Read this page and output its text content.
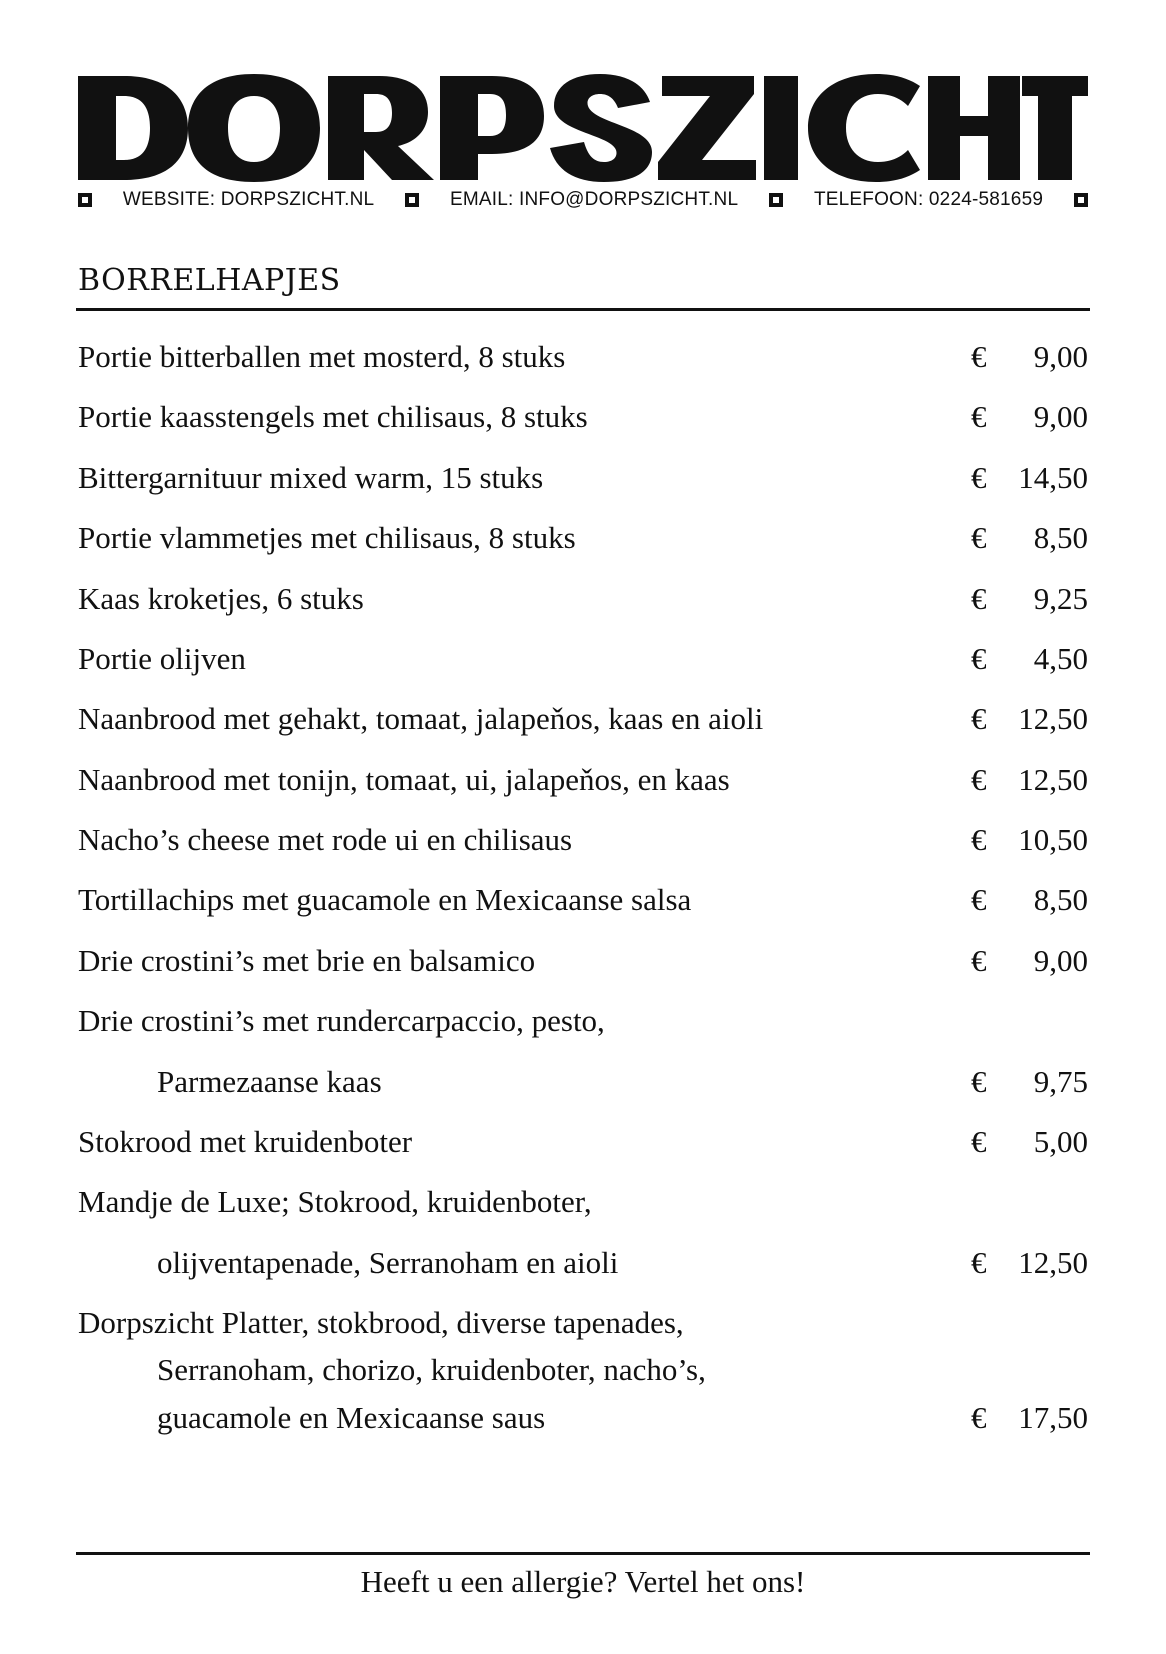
WEBSITE: DORPSZICHT.NL	EMAIL: INFO@DORPSZICHT.NL	TELEFOON: 0224-581659
BORRELHAPJES
Portie bitterballen met mosterd, 8 stuks	€ 9,00
Portie kaasstengels met chilisaus, 8 stuks	€ 9,00
Bittergarnituur mixed warm, 15 stuks	€ 14,50
Portie vlammetjes met chilisaus, 8 stuks	€ 8,50
Kaas kroketjes, 6 stuks	€ 9,25
Portie olijven	€ 4,50
Naanbrood met gehakt, tomaat, jalapeňos, kaas en aioli	€ 12,50
Naanbrood met tonijn, tomaat, ui, jalapeňos, en kaas	€ 12,50
Nacho’s cheese met rode ui en chilisaus	€ 10,50
Tortillachips met guacamole en Mexicaanse salsa	€ 8,50
Drie crostini’s met brie en balsamico	€ 9,00
Drie crostini’s met rundercarpaccio, pesto,
Parmezaanse kaas	€ 9,75
Stokrood met kruidenboter	€ 5,00
Mandje de Luxe; Stokrood, kruidenboter,
olijventapenade, Serranoham en aioli	€ 12,50
Dorpszicht Platter, stokbrood, diverse tapenades,
Serranoham, chorizo, kruidenboter, nacho’s,
guacamole en Mexicaanse saus	€ 17,50
Heeft u een allergie? Vertel het ons!
